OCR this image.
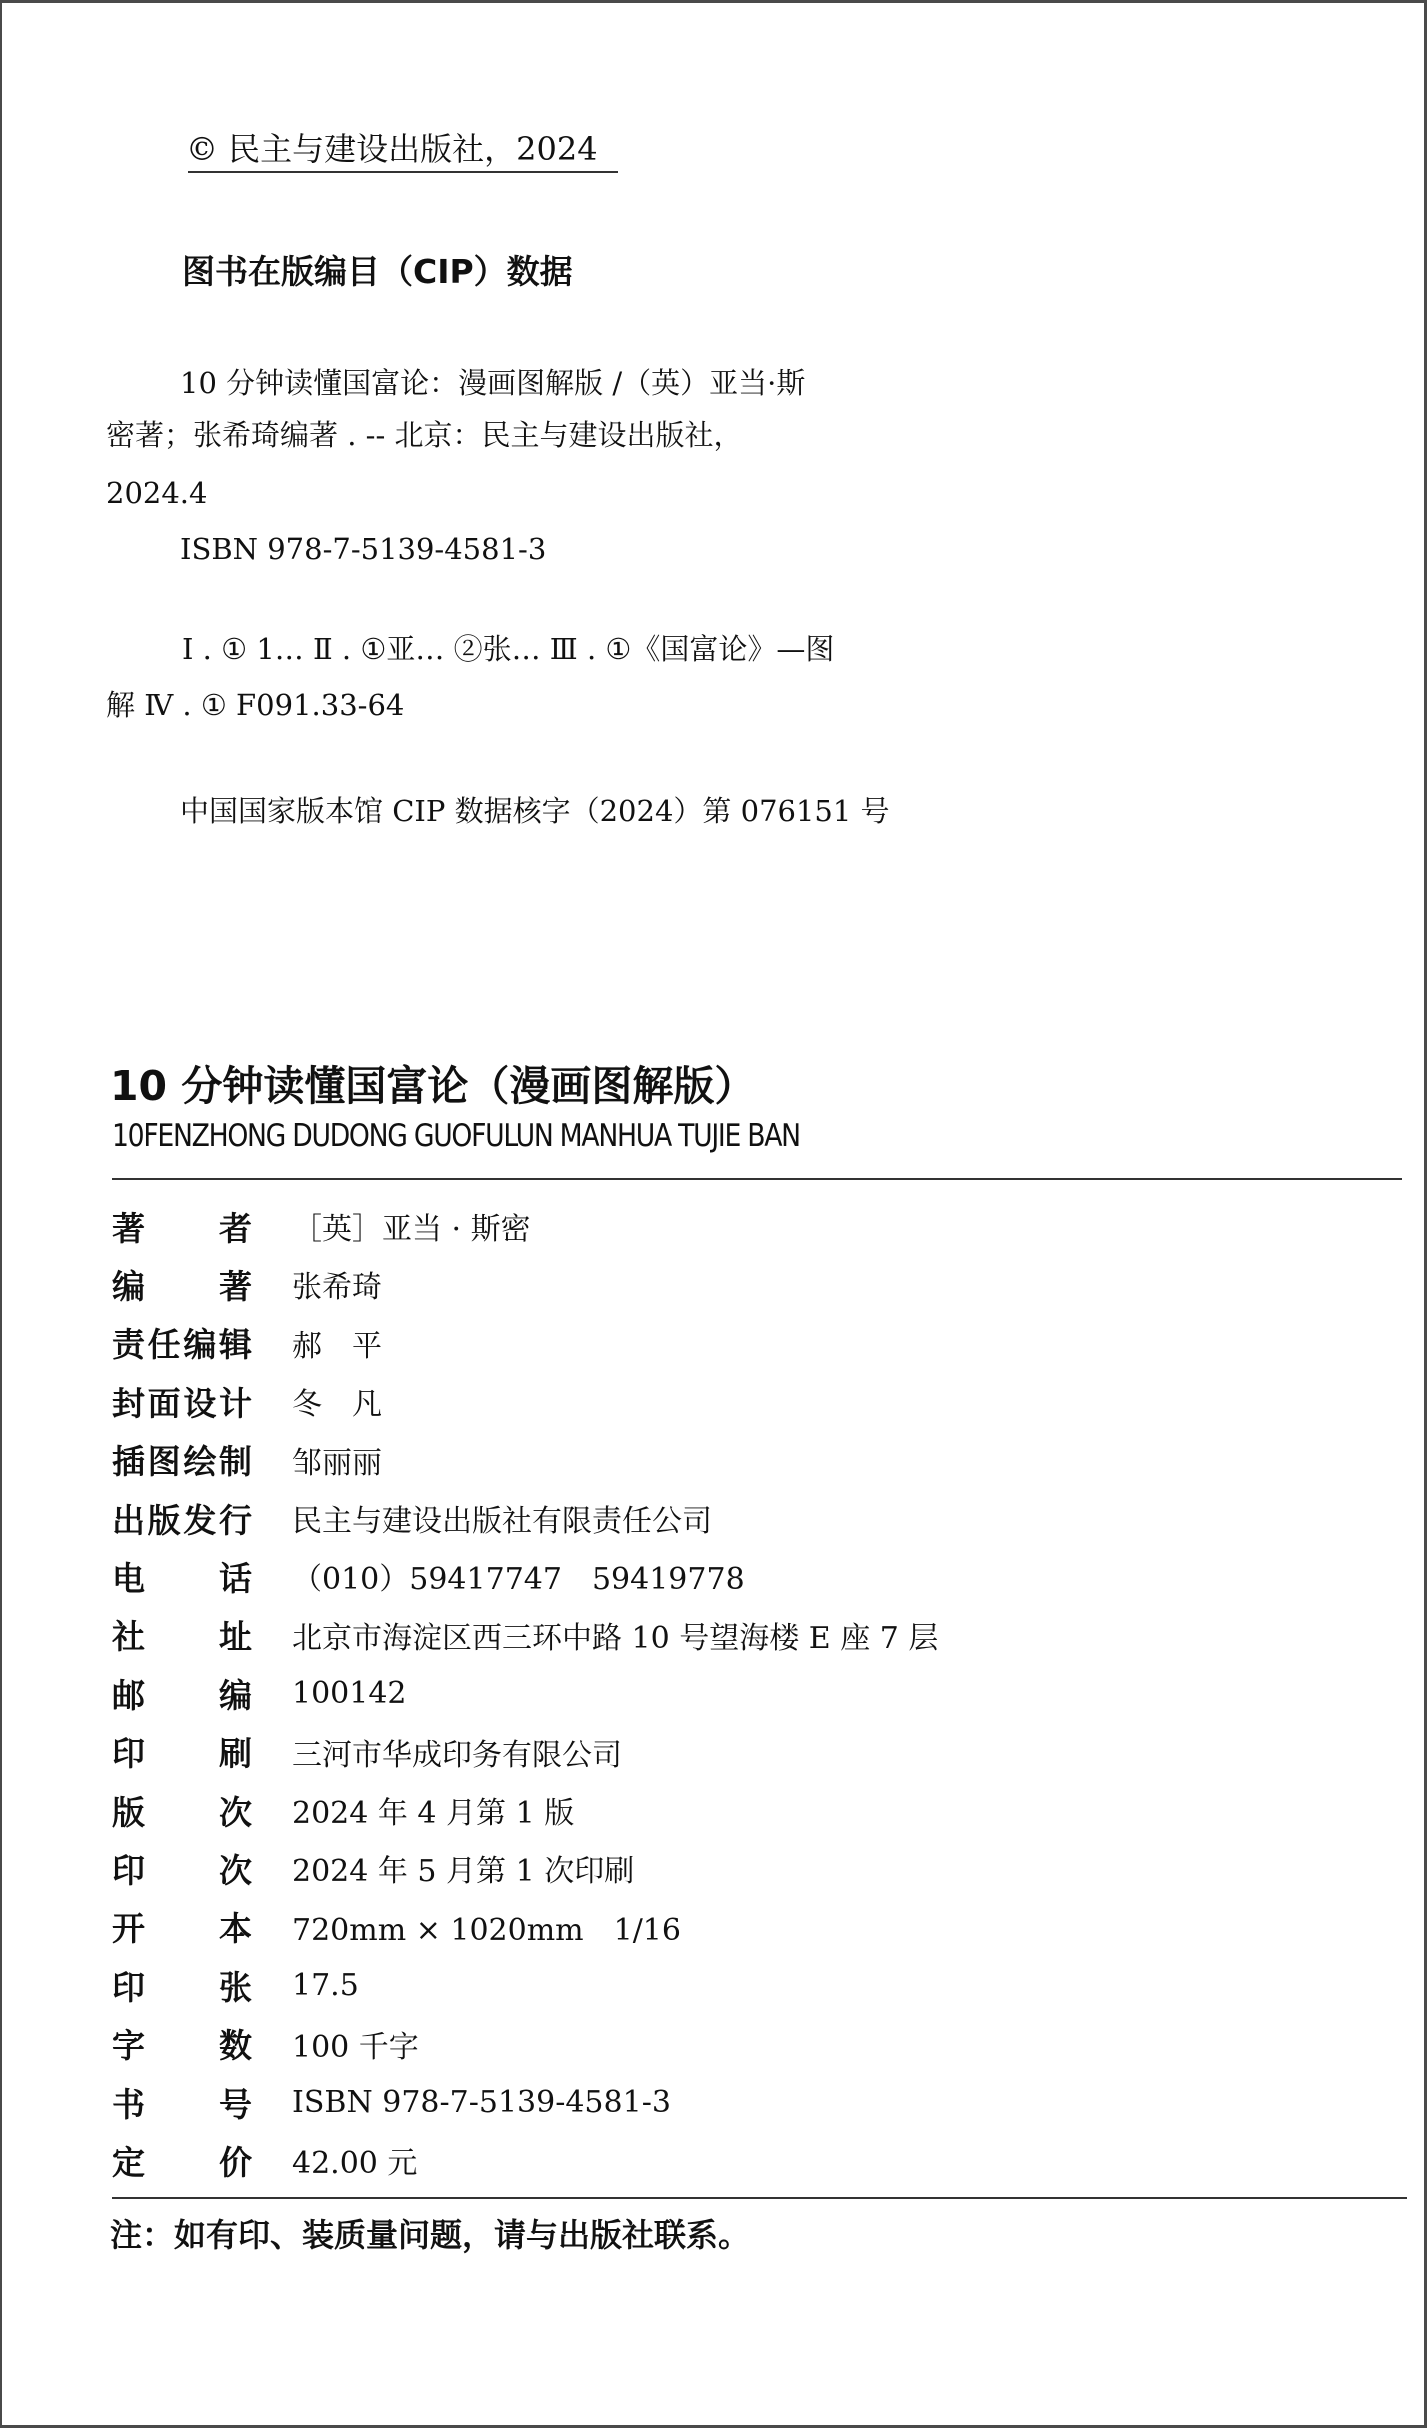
© 民主与建设出版社，2024
图书在版编目（CIP）数据
10 分钟读懂国富论：漫画图解版 /（英）亚当·斯
密著；张希琦编著 . -- 北京：民主与建设出版社，
2024.4
ISBN 978-7-5139-4581-3
Ⅰ . ① 1… Ⅱ . ①亚… ②张… Ⅲ . ①《国富论》—图
解 Ⅳ . ① F091.33-64
中国国家版本馆 CIP 数据核字（2024）第 076151 号
10 分钟读懂国富论（漫画图解版）
10FENZHONG DUDONG GUOFULUN MANHUA TUJIE BAN
著 者 ［英］亚当 · 斯密
编 著 张希琦
责 任 编 辑 郝　平
封 面 设 计 冬　凡
插 图 绘 制 邹丽丽
出 版 发 行 民主与建设出版社有限责任公司
电 话 （010）59417747　59419778
社 址 北京市海淀区西三环中路 10 号望海楼 E 座 7 层
邮 编 100142
印 刷 三河市华成印务有限公司
版 次 2024 年 4 月第 1 版
印 次 2024 年 5 月第 1 次印刷
开 本 720mm × 1020mm　1/16
印 张 17.5
字 数 100 千字
书 号 ISBN 978-7-5139-4581-3
定 价 42.00 元
注：如有印、装质量问题，请与出版社联系。
